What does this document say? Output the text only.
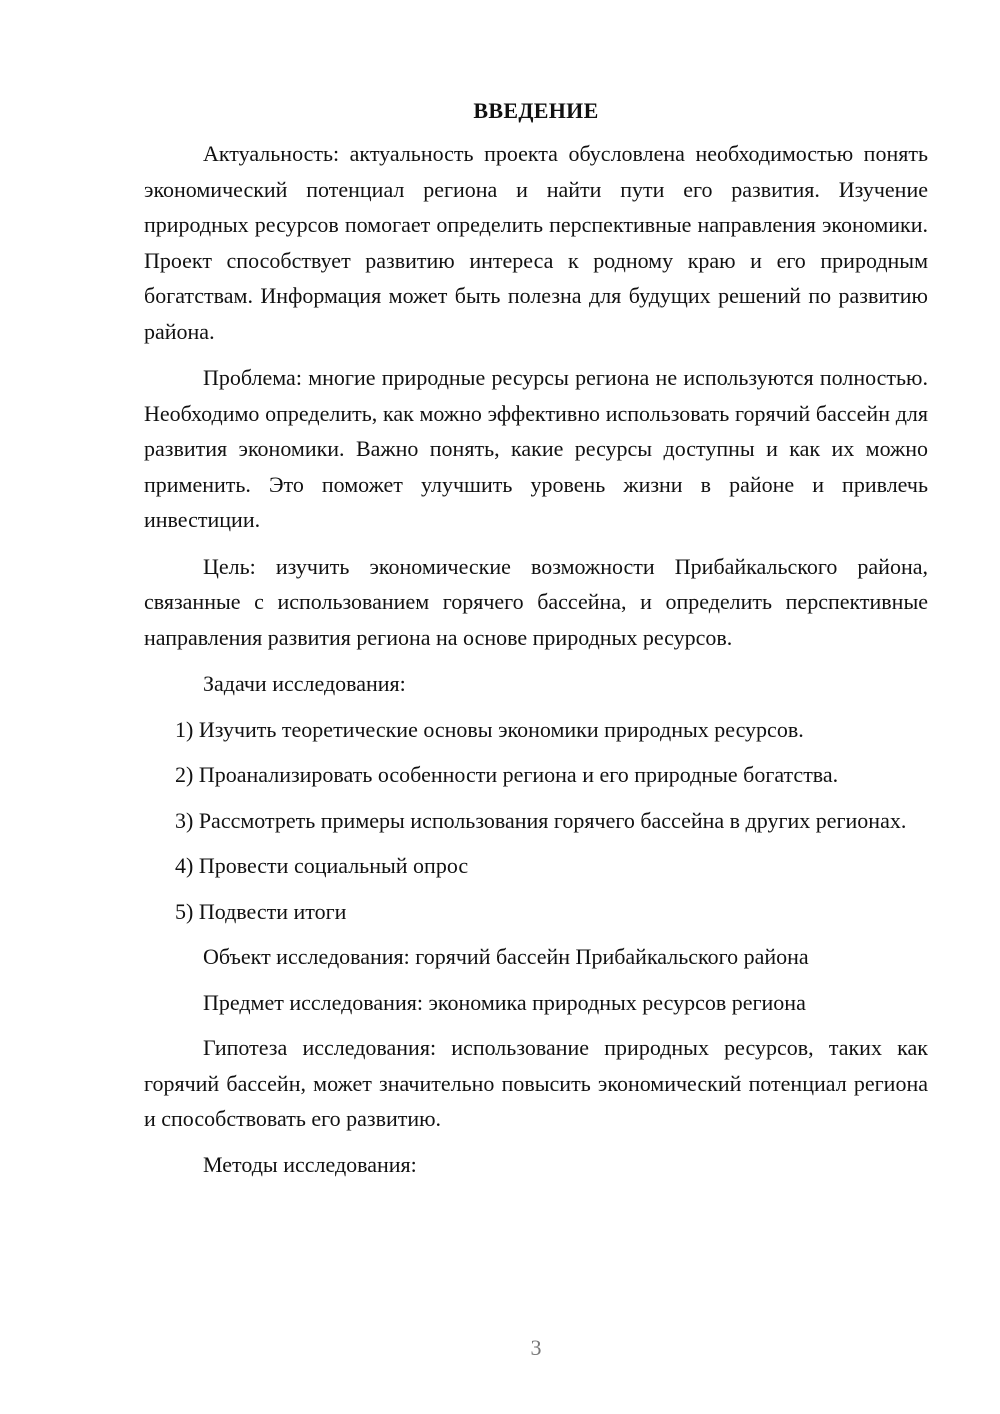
ВВЕДЕНИЕ

Актуальность: актуальность проекта обусловлена необходимостью понять экономический потенциал региона и найти пути его развития. Изучение природных ресурсов помогает определить перспективные направления экономики. Проект способствует развитию интереса к родному краю и его природным богатствам. Информация может быть полезна для будущих решений по развитию района.

Проблема: многие природные ресурсы региона не используются полностью. Необходимо определить, как можно эффективно использовать горячий бассейн для развития экономики. Важно понять, какие ресурсы доступны и как их можно применить. Это поможет улучшить уровень жизни в районе и привлечь инвестиции.

Цель: изучить экономические возможности Прибайкальского района, связанные с использованием горячего бассейна, и определить перспективные направления развития региона на основе природных ресурсов.

Задачи исследования:

1) Изучить теоретические основы экономики природных ресурсов.

2) Проанализировать особенности региона и его природные богатства.

3) Рассмотреть примеры использования горячего бассейна в других регионах.

4) Провести социальный опрос

5) Подвести итоги

Объект исследования: горячий бассейн Прибайкальского района

Предмет исследования: экономика природных ресурсов региона

Гипотеза исследования: использование природных ресурсов, таких как горячий бассейн, может значительно повысить экономический потенциал региона и способствовать его развитию.

Методы исследования:

3
